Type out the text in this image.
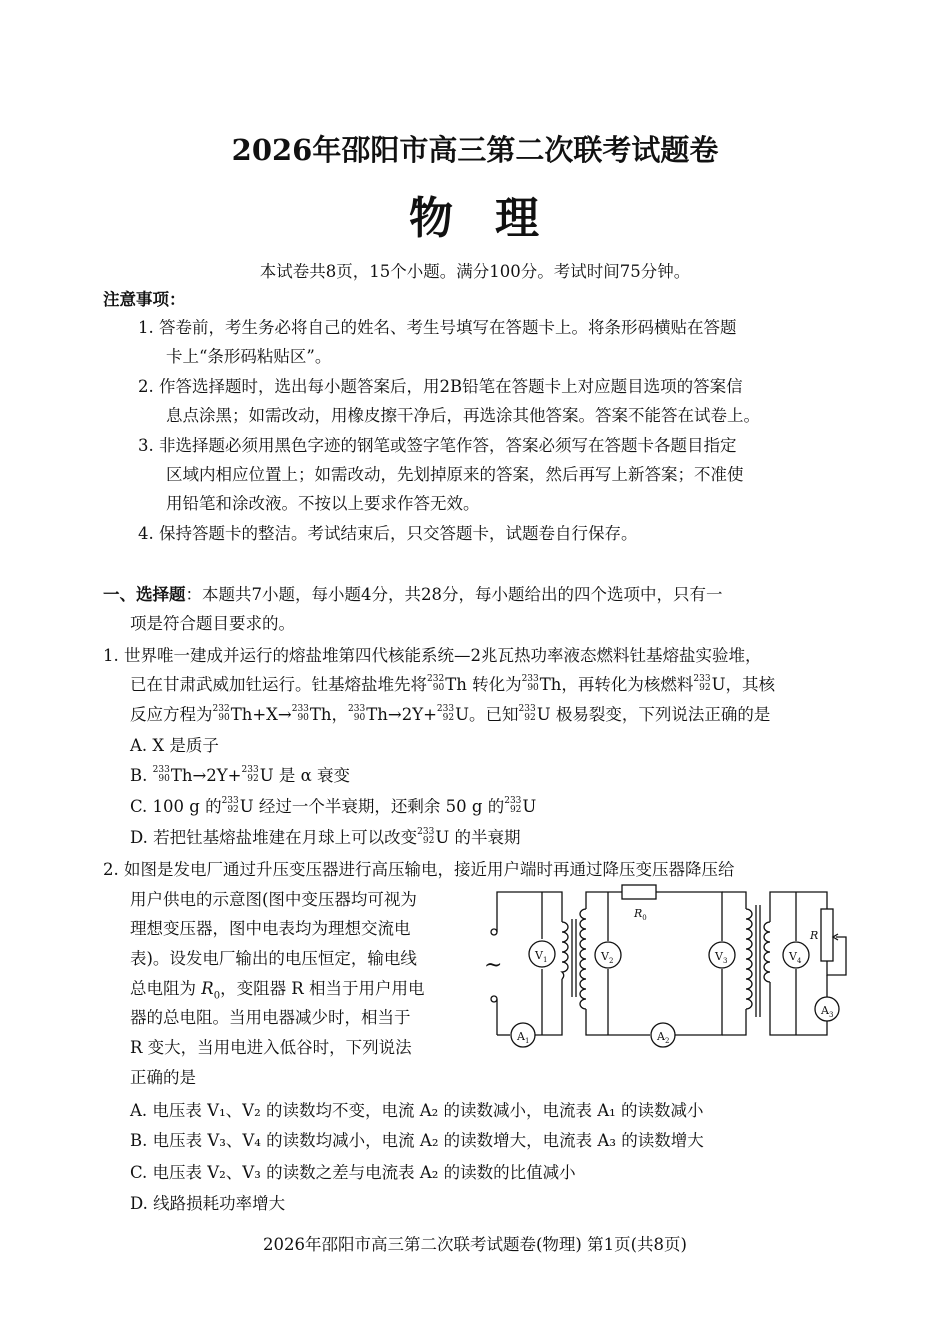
2026年邵阳市高三第二次联考试题卷
物 理
本试卷共8页，15个小题。满分100分。考试时间75分钟。
注意事项：
1. 答卷前，考生务必将自己的姓名、考生号填写在答题卡上。将条形码横贴在答题
卡上“条形码粘贴区”。
2. 作答选择题时，选出每小题答案后，用2B铅笔在答题卡上对应题目选项的答案信
息点涂黑；如需改动，用橡皮擦干净后，再选涂其他答案。答案不能答在试卷上。
3. 非选择题必须用黑色字迹的钢笔或签字笔作答，答案必须写在答题卡各题目指定
区域内相应位置上；如需改动，先划掉原来的答案，然后再写上新答案；不准使
用铅笔和涂改液。不按以上要求作答无效。
4. 保持答题卡的整洁。考试结束后，只交答题卡，试题卷自行保存。
一、选择题：本题共7小题，每小题4分，共28分，每小题给出的四个选项中，只有一
项是符合题目要求的。
1. 世界唯一建成并运行的熔盐堆第四代核能系统—2兆瓦热功率液态燃料钍基熔盐实验堆，
已在甘肃武威加钍运行。钍基熔盐堆先将 232
90 Th 转化为 233
90 Th，再转化为核燃料 233
92 U，其核
反应方程为 232
90 Th+X→ 233
90 Th， 233
90 Th→2Y+ 233
92 U。已知 233
92 U 极易裂变，下列说法正确的是
A. X 是质子
B. 233
90 Th→2Y+ 233
92 U 是 α 衰变
C. 100 g 的 233
92 U 经过一个半衰期，还剩余 50 g 的 233
92 U
D. 若把钍基熔盐堆建在月球上可以改变 233
92 U 的半衰期
2. 如图是发电厂通过升压变压器进行高压输电，接近用户端时再通过降压变压器降压给
用户供电的示意图(图中变压器均可视为
理想变压器，图中电表均为理想交流电
表)。设发电厂输出的电压恒定，输电线
总电阻为 $R_0$，变阻器 R 相当于用户用电
器的总电阻。当用电器减少时，相当于
R 变大，当用电进入低谷时，下列说法
正确的是
~
$A_1$
$V_1$
$R_0$
$A_2$
$V_2$	$V_3$	$V_4$
R
$A_3$
A. 电压表 V₁、V₂ 的读数均不变，电流 A₂ 的读数减小，电流表 A₁ 的读数减小
B. 电压表 V₃、V₄ 的读数均减小，电流 A₂ 的读数增大，电流表 A₃ 的读数增大
C. 电压表 V₂、V₃ 的读数之差与电流表 A₂ 的读数的比值减小
D. 线路损耗功率增大
2026年邵阳市高三第二次联考试题卷(物理) 第1页(共8页)
